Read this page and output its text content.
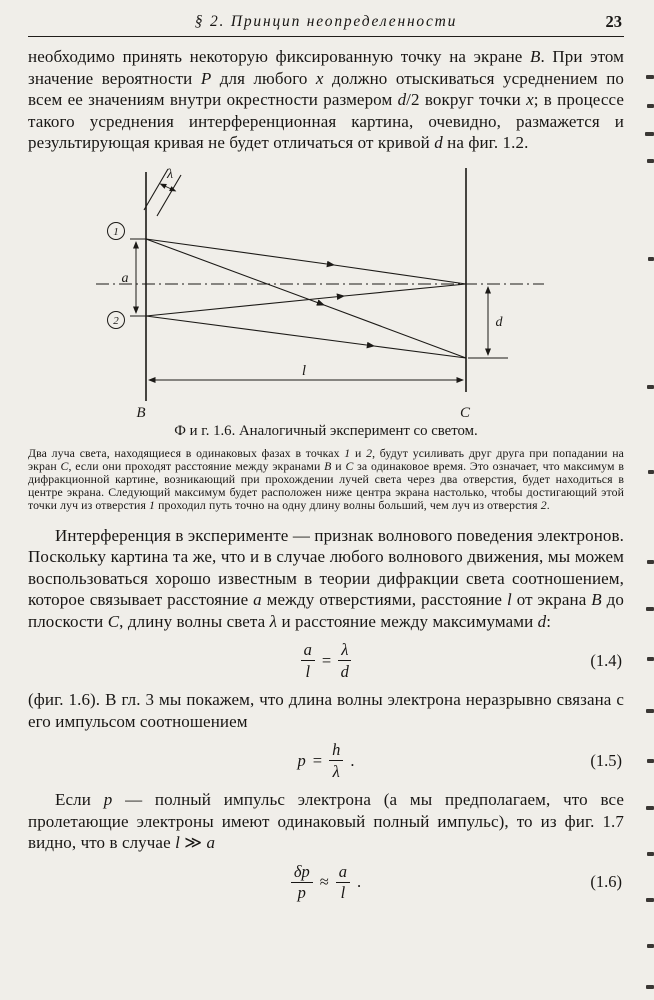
§ 2. Принцип неопределенности	23

необходимо принять некоторую фиксированную точку на экране B. При этом значение вероятности P для любого x должно отыскиваться усреднением по всем ее значениям внутри окрестности размером d/2 вокруг точки x; в процессе такого усреднения интерференционная картина, очевидно, размажется и результирующая кривая не будет отличаться от кривой d на фиг. 1.2.

λ
1
2
a
d
l
B	C
Ф и г. 1.6. Аналогичный эксперимент со светом.
Два луча света, находящиеся в одинаковых фазах в точках 1 и 2, будут усиливать друг друга при попадании на экран C, если они проходят расстояние между экранами B и C за одинаковое время. Это означает, что максимум в дифракционной картине, возникающий при прохождении лучей света через два отверстия, будет находиться в центре экрана. Следующий максимум будет расположен ниже центра экрана настолько, чтобы достигающий этой точки луч из отверстия 1 проходил путь точно на одну длину волны больший, чем луч из отверстия 2.

Интерференция в эксперименте — признак волнового поведения электронов. Поскольку картина та же, что и в случае любого волнового движения, мы можем воспользоваться хорошо известным в теории дифракции света соотношением, которое связывает расстояние a между отверстиями, расстояние l от экрана B до плоскости C, длину волны света λ и расстояние между максимумами d:

$\frac{a}{l} = \frac{\lambda}{d}$	(1.4)

(фиг. 1.6). В гл. 3 мы покажем, что длина волны электрона неразрывно связана с его импульсом соотношением

$p = \frac{h}{\lambda}$ .	(1.5)

Если p — полный импульс электрона (а мы предполагаем, что все пролетающие электроны имеют одинаковый полный импульс), то из фиг. 1.7 видно, что в случае l ≫ a

$\frac{\delta p}{p} \approx \frac{a}{l}$ .	(1.6)
